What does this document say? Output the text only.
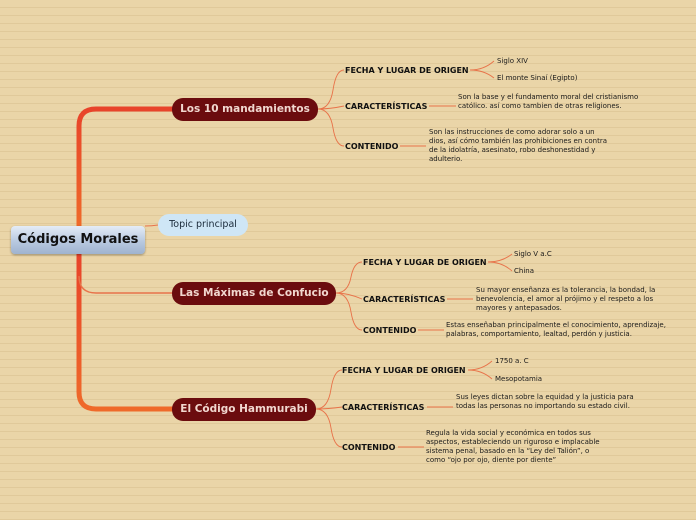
Códigos Morales
Topic principal
Los 10 mandamientos
FECHA Y LUGAR DE ORIGEN
Siglo XIV
El monte Sinaí (Egipto)
CARACTERÍSTICAS
Son la base y el fundamento moral del cristianismo católico. así como tambien de otras religiones.
CONTENIDO
Son las instrucciones de como adorar solo a un dios, así cómo también las prohibiciones en contra de la idolatría, asesinato, robo deshonestidad y adulterio.
Las Máximas de Confucio
FECHA Y LUGAR DE ORIGEN
Siglo V a.C
China
CARACTERÍSTICAS
Su mayor enseñanza es la tolerancia, la bondad, la benevolencia, el amor al prójimo y el respeto a los mayores y antepasados.
CONTENIDO
Estas enseñaban principalmente el conocimiento, aprendizaje, palabras, comportamiento, lealtad, perdón y justicia.
El Código Hammurabi
FECHA Y LUGAR DE ORIGEN
1750 a. C
Mesopotamia
CARACTERÍSTICAS
Sus leyes dictan sobre la equidad y la justicia para todas las personas no importando su estado civil.
CONTENIDO
Regula la vida social y económica en todos sus aspectos, estableciendo un riguroso e implacable sistema penal, basado en la “Ley del Talión”, o como “ojo por ojo, diente por diente”
